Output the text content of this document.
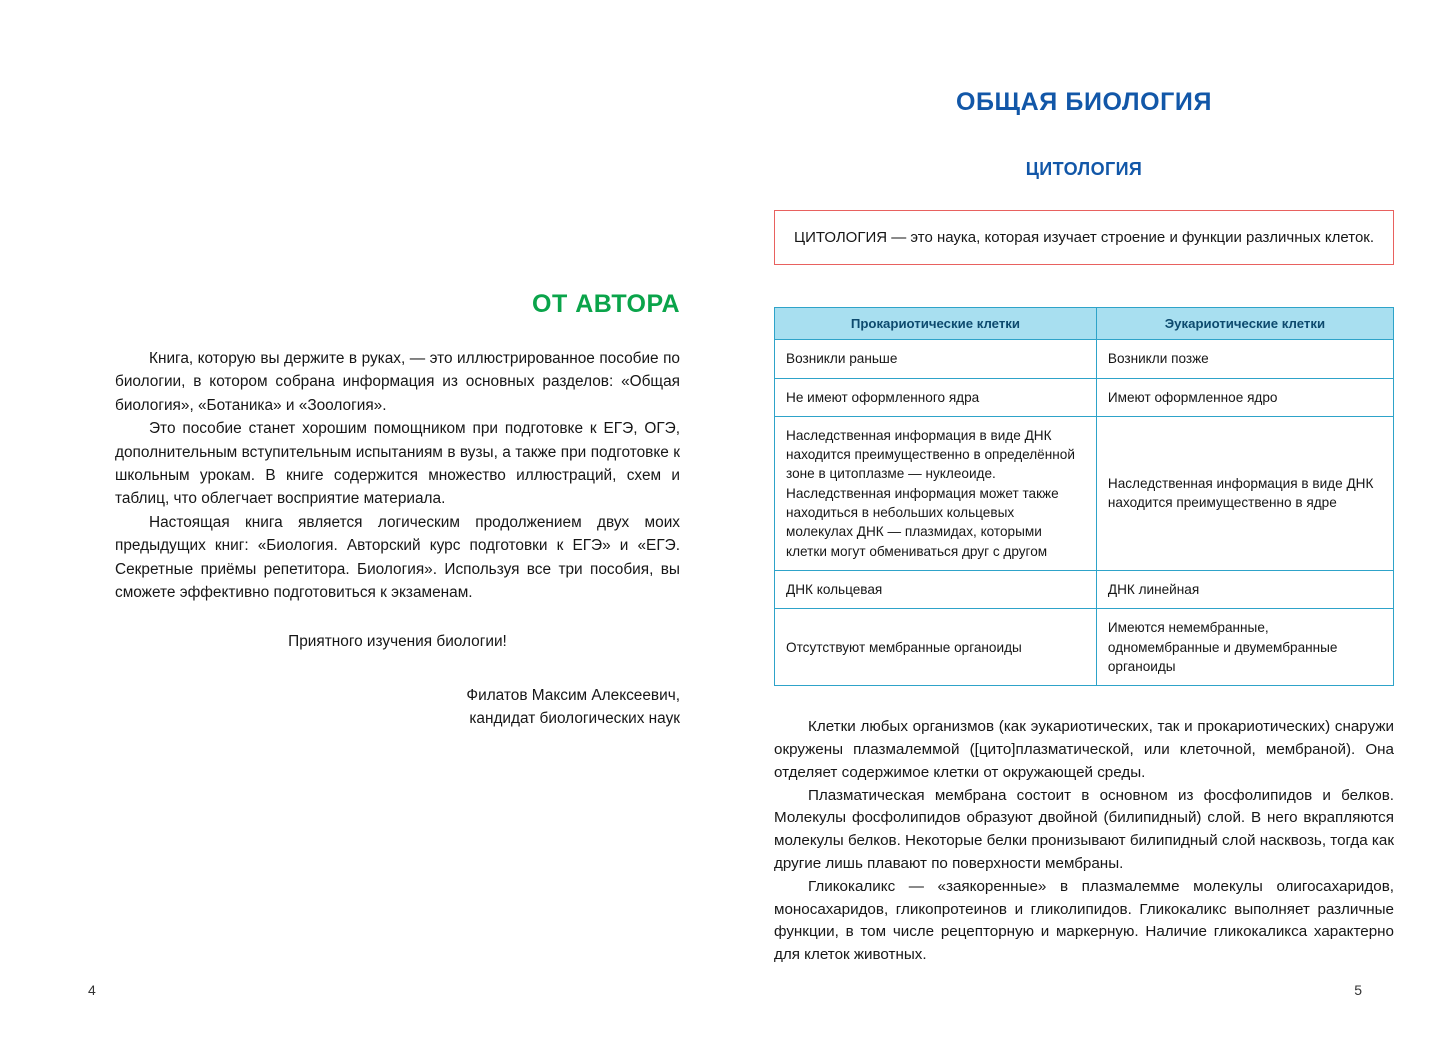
ОТ АВТОРА

Книга, которую вы держите в руках, — это иллюстрированное пособие по биологии, в котором собрана информация из основных разделов: «Общая биология», «Ботаника» и «Зоология».

Это пособие станет хорошим помощником при подготовке к ЕГЭ, ОГЭ, дополнительным вступительным испытаниям в вузы, а также при подготовке к школьным урокам. В книге содержится множество иллюстраций, схем и таблиц, что облегчает восприятие материала.

Настоящая книга является логическим продолжением двух моих предыдущих книг: «Биология. Авторский курс подготовки к ЕГЭ» и «ЕГЭ. Секретные приёмы репетитора. Биология». Используя все три пособия, вы сможете эффективно подготовиться к экзаменам.

Приятного изучения биологии!

Филатов Максим Алексеевич,
кандидат биологических наук

4
ОБЩАЯ БИОЛОГИЯ
ЦИТОЛОГИЯ
ЦИТОЛОГИЯ — это наука, которая изучает строение и функции различных клеток.
Прокариотические клетки	Эукариотические клетки
Возникли раньше	Возникли позже
Не имеют оформленного ядра	Имеют оформленное ядро
Наследственная информация в виде ДНК находится преимущественно в определённой зоне в цитоплазме — нуклеоиде. Наследственная информация может также находиться в небольших кольцевых молекулах ДНК — плазмидах, которыми клетки могут обмениваться друг с другом	Наследственная информация в виде ДНК находится преимущественно в ядре
ДНК кольцевая	ДНК линейная
Отсутствуют мембранные органоиды	Имеются немембранные, одномембранные и двумембранные органоиды

Клетки любых организмов (как эукариотических, так и прокариотических) снаружи окружены плазмалеммой ([цито]плазматической, или клеточной, мембраной). Она отделяет содержимое клетки от окружающей среды.

Плазматическая мембрана состоит в основном из фосфолипидов и белков. Молекулы фосфолипидов образуют двойной (билипидный) слой. В него вкрапляются молекулы белков. Некоторые белки пронизывают билипидный слой насквозь, тогда как другие лишь плавают по поверхности мембраны.

Гликокаликс — «заякоренные» в плазмалемме молекулы олигосахаридов, моносахаридов, гликопротеинов и гликолипидов. Гликокаликс выполняет различные функции, в том числе рецепторную и маркерную. Наличие гликокаликса характерно для клеток животных.

5
